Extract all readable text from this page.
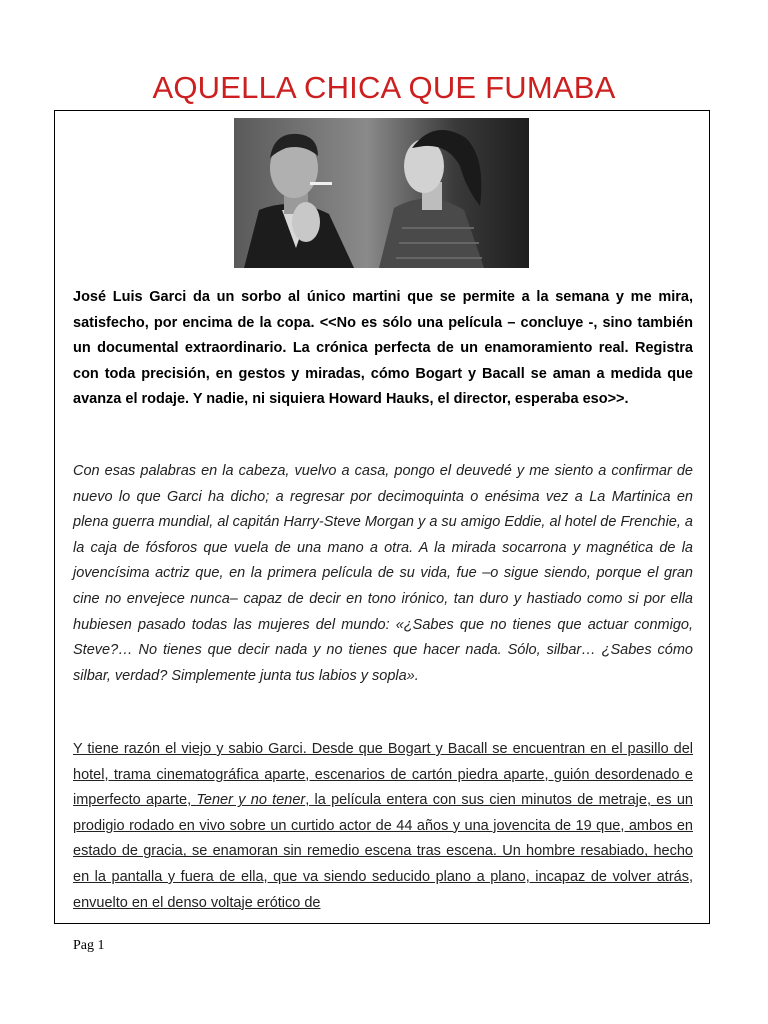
AQUELLA CHICA QUE FUMABA
José Luis Garci da un sorbo al único martini que se permite a la semana y me mira, satisfecho, por encima de la copa. <<No es sólo una película – concluye -, sino también un documental extraordinario. La crónica perfecta de un enamoramiento real. Registra con toda precisión, en gestos y miradas, cómo Bogart y Bacall se aman a medida que avanza el rodaje. Y nadie, ni siquiera Howard Hauks, el director, esperaba eso>>.
Con esas palabras en la cabeza, vuelvo a casa, pongo el deuvedé y me siento a confirmar de nuevo lo que Garci ha dicho; a regresar por decimoquinta o enésima vez a La Martinica en plena guerra mundial, al capitán Harry-Steve Morgan y a su amigo Eddie, al hotel de Frenchie, a la caja de fósforos que vuela de una mano a otra. A la mirada socarrona y magnética de la jovencísima actriz que, en la primera película de su vida, fue –o sigue siendo, porque el gran cine no envejece nunca– capaz de decir en tono irónico, tan duro y hastiado como si por ella hubiesen pasado todas las mujeres del mundo: «¿Sabes que no tienes que actuar conmigo, Steve?… No tienes que decir nada y no tienes que hacer nada. Sólo, silbar… ¿Sabes cómo silbar, verdad? Simplemente junta tus labios y sopla».
Y tiene razón el viejo y sabio Garci. Desde que Bogart y Bacall se encuentran en el pasillo del hotel, trama cinematográfica aparte, escenarios de cartón piedra aparte, guión desordenado e imperfecto aparte, Tener y no tener, la película entera con sus cien minutos de metraje, es un prodigio rodado en vivo sobre un curtido actor de 44 años y una jovencita de 19 que, ambos en estado de gracia, se enamoran sin remedio escena tras escena. Un hombre resabiado, hecho en la pantalla y fuera de ella, que va siendo seducido plano a plano, incapaz de volver atrás, envuelto en el denso voltaje erótico de
Pag 1
